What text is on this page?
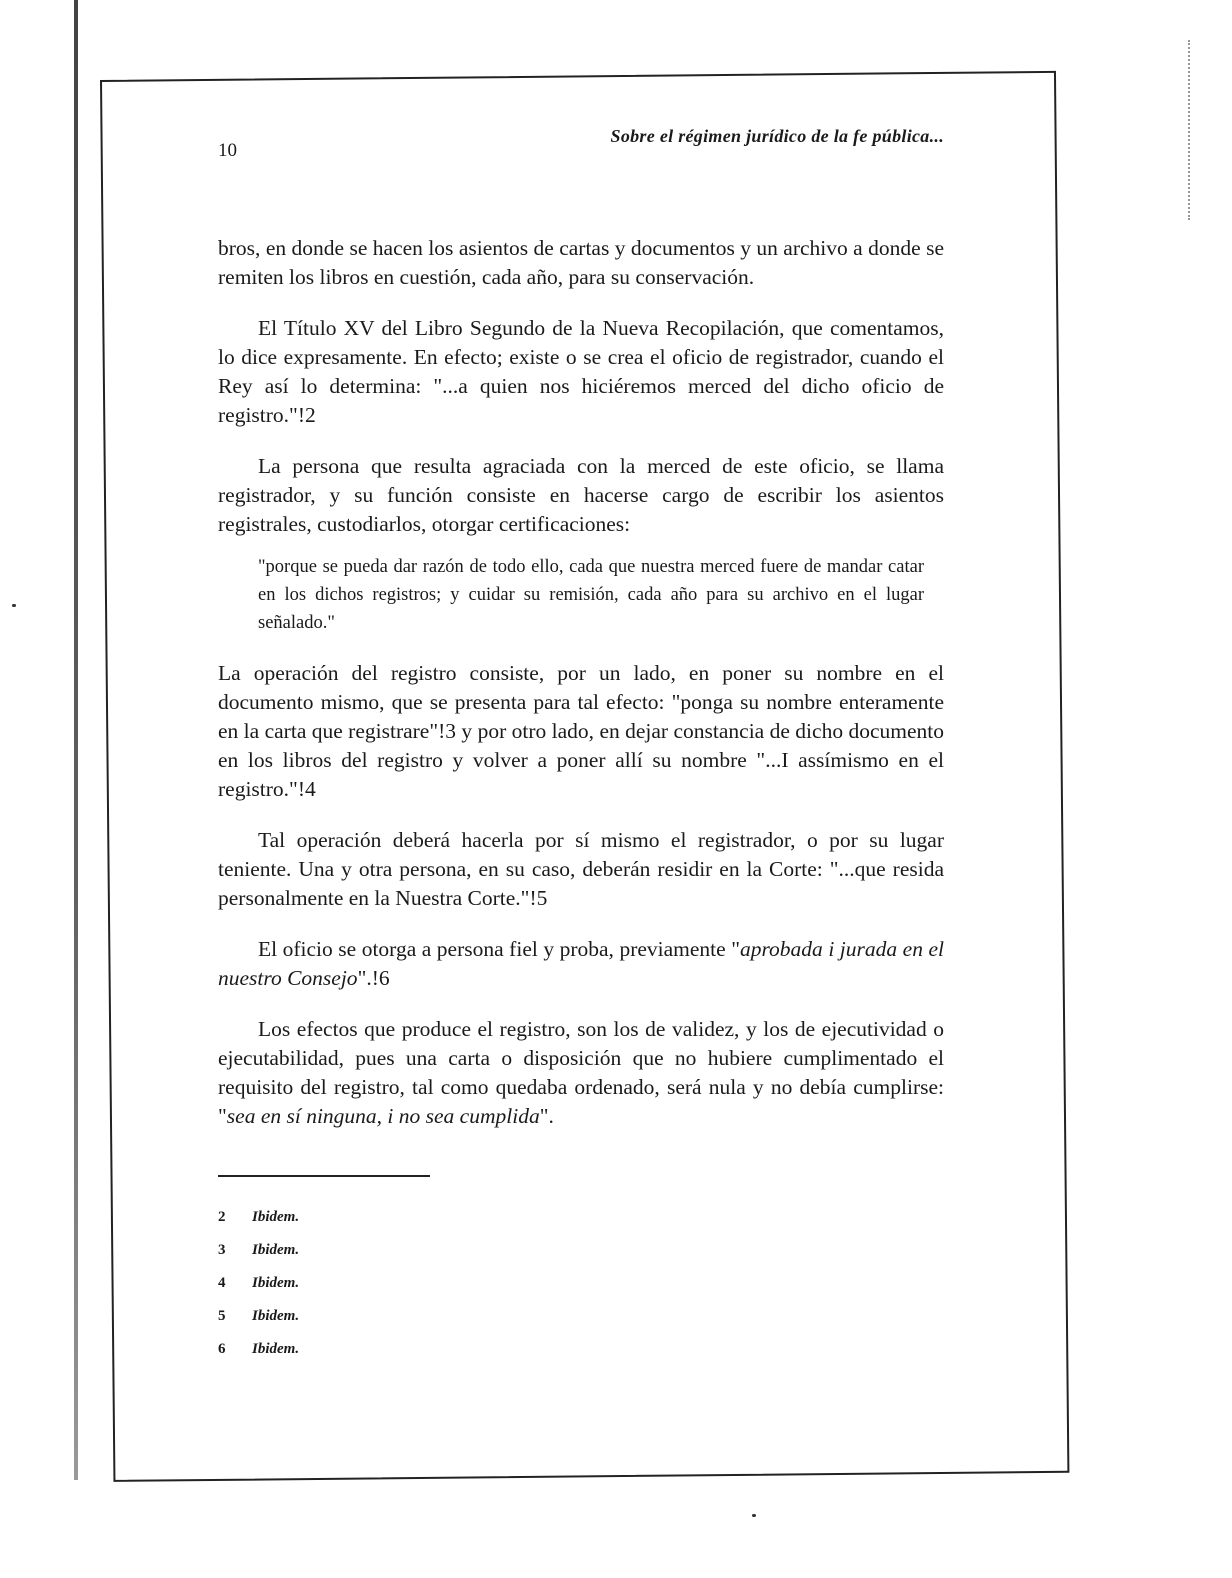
10
Sobre el régimen jurídico de la fe pública...

bros, en donde se hacen los asientos de cartas y documentos y un archivo a donde se remiten los libros en cuestión, cada año, para su conservación.

El Título XV del Libro Segundo de la Nueva Recopilación, que comentamos, lo dice expresamente. En efecto; existe o se crea el oficio de registrador, cuando el Rey así lo determina: "...a quien nos hiciéremos merced del dicho oficio de registro."!2

La persona que resulta agraciada con la merced de este oficio, se llama registrador, y su función consiste en hacerse cargo de escribir los asientos registrales, custodiarlos, otorgar certificaciones:

"porque se pueda dar razón de todo ello, cada que nuestra merced fuere de mandar catar en los dichos registros; y cuidar su remisión, cada año para su archivo en el lugar señalado."

La operación del registro consiste, por un lado, en poner su nombre en el documento mismo, que se presenta para tal efecto: "ponga su nombre enteramente en la carta que registrare"!3 y por otro lado, en dejar constancia de dicho documento en los libros del registro y volver a poner allí su nombre "...I assímismo en el registro."!4

Tal operación deberá hacerla por sí mismo el registrador, o por su lugar teniente. Una y otra persona, en su caso, deberán residir en la Corte: "...que resida personalmente en la Nuestra Corte."!5

El oficio se otorga a persona fiel y proba, previamente "aprobada i jurada en el nuestro Consejo".!6

Los efectos que produce el registro, son los de validez, y los de ejecutividad o ejecutabilidad, pues una carta o disposición que no hubiere cumplimentado el requisito del registro, tal como quedaba ordenado, será nula y no debía cumplirse: "sea en sí ninguna, i no sea cumplida".

2 Ibidem.
3 Ibidem.
4 Ibidem.
5 Ibidem.
6 Ibidem.
